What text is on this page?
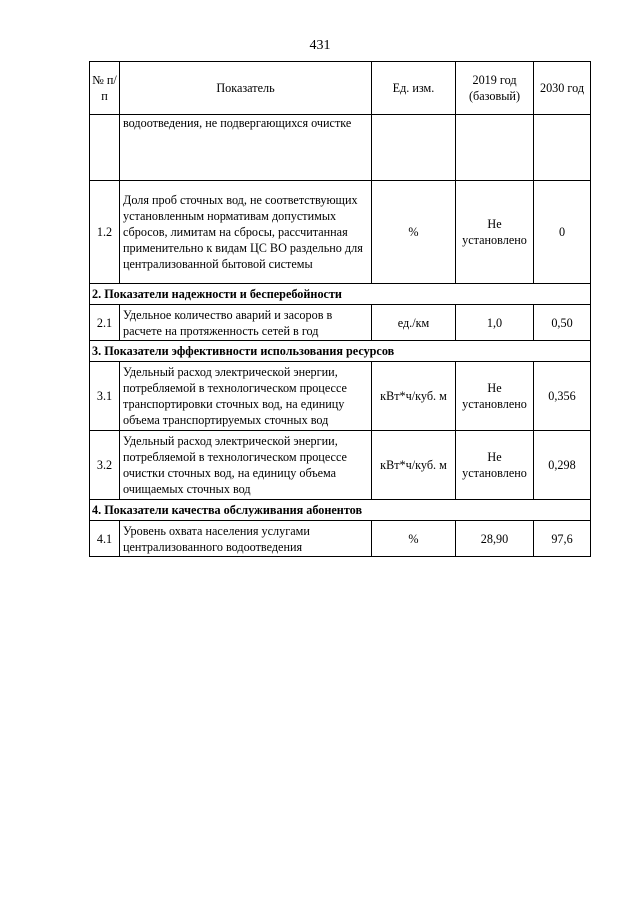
431
№ п/п	Показатель	Ед. изм.	2019 год (базовый)	2030 год
	водоотведения, не подвергающихся очистке			
1.2	Доля проб сточных вод, не соответствующих установленным нормативам допустимых сбросов, лимитам на сбросы, рассчитанная применительно к видам ЦС ВО раздельно для централизованной бытовой системы	%	Не установлено	0
2. Показатели надежности и бесперебойности				
2.1	Удельное количество аварий и засоров в расчете на протяженность сетей в год	ед./км	1,0	0,50
3. Показатели эффективности использования ресурсов				
3.1	Удельный расход электрической энергии, потребляемой в технологическом процессе транспортировки сточных вод, на единицу объема транспортируемых сточных вод	кВт*ч/куб. м	Не установлено	0,356
3.2	Удельный расход электрической энергии, потребляемой в технологическом процессе очистки сточных вод, на единицу объема очищаемых сточных вод	кВт*ч/куб. м	Не установлено	0,298
4. Показатели качества обслуживания абонентов				
4.1	Уровень охвата населения услугами централизованного водоотведения	%	28,90	97,6
